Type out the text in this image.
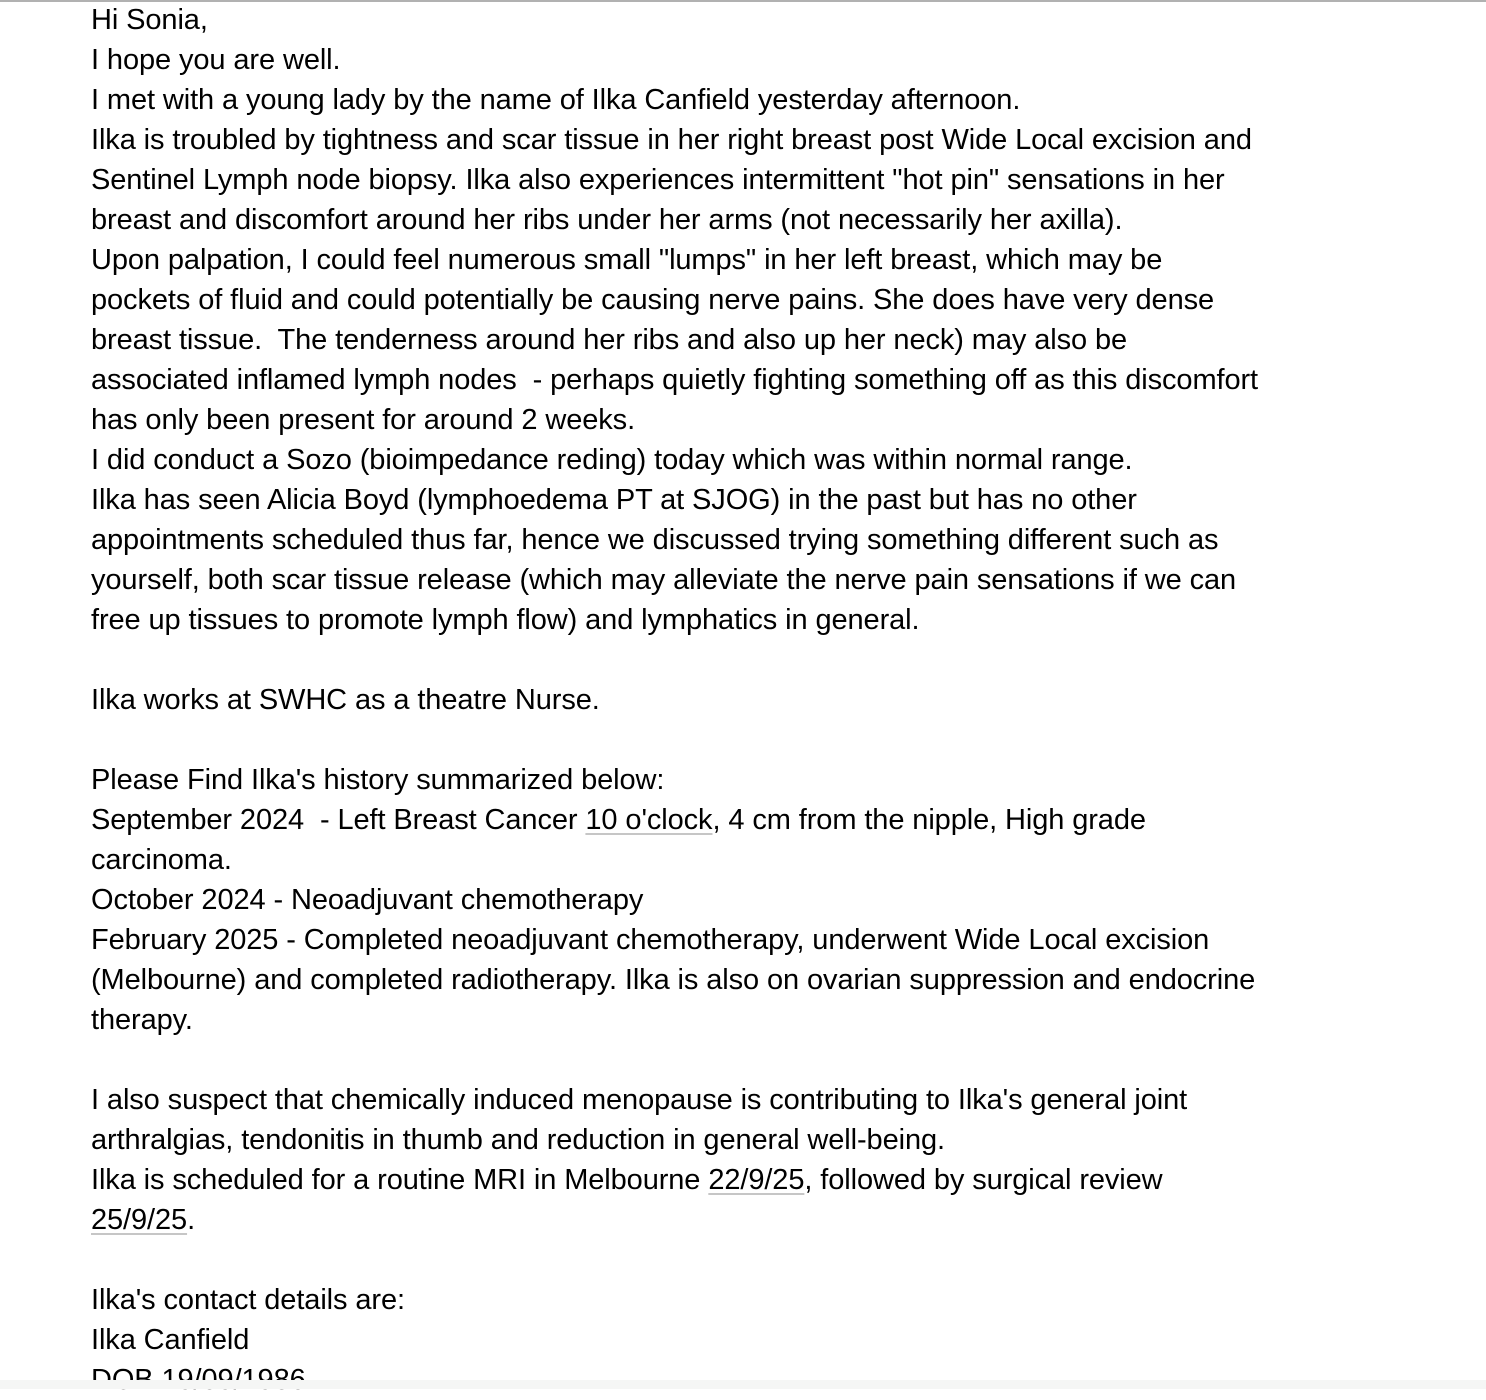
Hi Sonia,
I hope you are well.
I met with a young lady by the name of Ilka Canfield yesterday afternoon.
Ilka is troubled by tightness and scar tissue in her right breast post Wide Local excision and
Sentinel Lymph node biopsy. Ilka also experiences intermittent "hot pin" sensations in her
breast and discomfort around her ribs under her arms (not necessarily her axilla).
Upon palpation, I could feel numerous small "lumps" in her left breast, which may be
pockets of fluid and could potentially be causing nerve pains. She does have very dense
breast tissue.  The tenderness around her ribs and also up her neck) may also be
associated inflamed lymph nodes  - perhaps quietly fighting something off as this discomfort
has only been present for around 2 weeks.
I did conduct a Sozo (bioimpedance reding) today which was within normal range.
Ilka has seen Alicia Boyd (lymphoedema PT at SJOG) in the past but has no other
appointments scheduled thus far, hence we discussed trying something different such as
yourself, both scar tissue release (which may alleviate the nerve pain sensations if we can
free up tissues to promote lymph flow) and lymphatics in general.

Ilka works at SWHC as a theatre Nurse.

Please Find Ilka's history summarized below:
September 2024  - Left Breast Cancer 10 o'clock, 4 cm from the nipple, High grade
carcinoma.
October 2024 - Neoadjuvant chemotherapy
February 2025 - Completed neoadjuvant chemotherapy, underwent Wide Local excision
(Melbourne) and completed radiotherapy. Ilka is also on ovarian suppression and endocrine
therapy.

I also suspect that chemically induced menopause is contributing to Ilka's general joint
arthralgias, tendonitis in thumb and reduction in general well-being.
Ilka is scheduled for a routine MRI in Melbourne 22/9/25, followed by surgical review
25/9/25.

Ilka's contact details are:
Ilka Canfield
